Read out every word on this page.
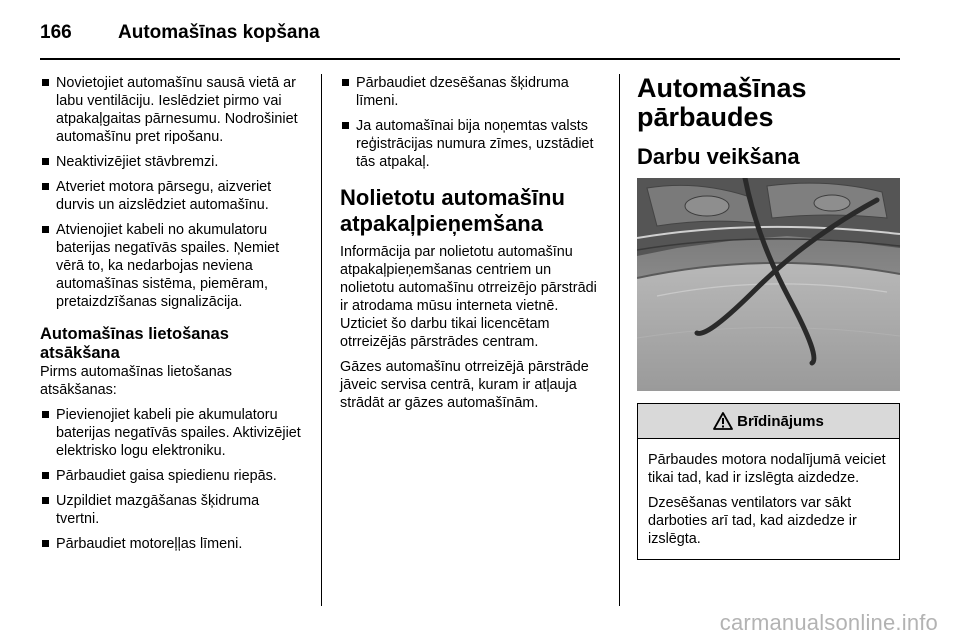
166	Automašīnas kopšana
Novietojiet automašīnu sausā vietā ar labu ventilāciju. Ieslēdziet pirmo vai atpakaļgaitas pārnesumu. Nodrošiniet automašīnu pret ripošanu.
Neaktivizējiet stāvbremzi.
Atveriet motora pārsegu, aizveriet durvis un aizslēdziet automašīnu.
Atvienojiet kabeli no akumulatoru baterijas negatīvās spailes. Ņemiet vērā to, ka nedarbojas neviena automašīnas sistēma, piemēram, pretaizdzīšanas signalizācija.
Automašīnas lietošanas atsākšana

Pirms automašīnas lietošanas atsākšanas:

Pievienojiet kabeli pie akumulatoru baterijas negatīvās spailes. Aktivizējiet elektrisko logu elektroniku.
Pārbaudiet gaisa spiedienu riepās.
Uzpildiet mazgāšanas šķidruma tvertni.
Pārbaudiet motoreļļas līmeni.
Pārbaudiet dzesēšanas šķidruma līmeni.
Ja automašīnai bija noņemtas valsts reģistrācijas numura zīmes, uzstādiet tās atpakaļ.
Nolietotu automašīnu atpakaļpieņemšana

Informācija par nolietotu automašīnu atpakaļpieņemšanas centriem un nolietotu automašīnu otrreizējo pārstrādi ir atrodama mūsu interneta vietnē. Uzticiet šo darbu tikai licencētam otrreizējās pārstrādes centram.

Gāzes automašīnu otrreizējā pārstrāde jāveic servisa centrā, kuram ir atļauja strādāt ar gāzes automašīnām.

Automašīnas pārbaudes
Darbu veikšana
Brīdinājums

Pārbaudes motora nodalījumā veiciet tikai tad, kad ir izslēgta aizdedze.

Dzesēšanas ventilators var sākt darboties arī tad, kad aizdedze ir izslēgta.

carmanualsonline.info
